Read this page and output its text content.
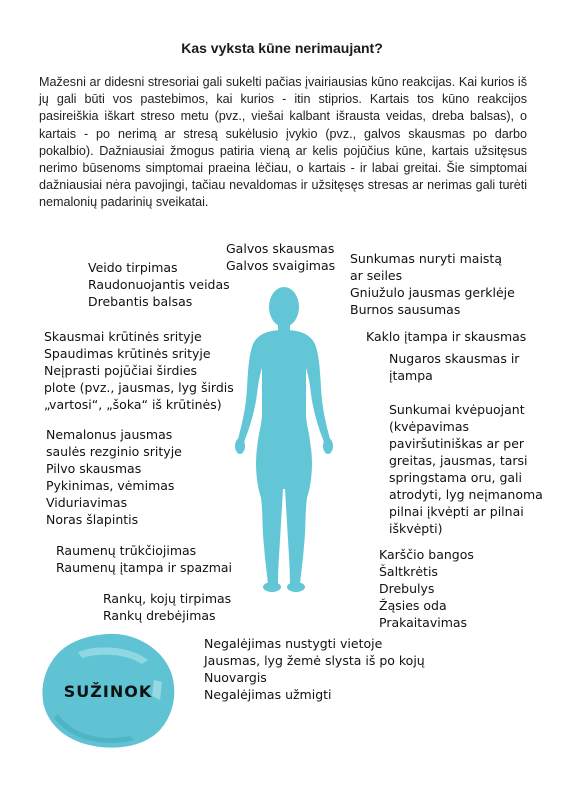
Kas vyksta kūne nerimaujant?
Mažesni ar didesni stresoriai gali sukelti pačias įvairiausias kūno reakcijas. Kai kurios iš jų gali būti vos pastebimos, kai kurios - itin stiprios. Kartais tos kūno reakcijos pasireiškia iškart streso metu (pvz., viešai kalbant išrausta veidas, dreba balsas), o kartais - po nerimą ar stresą sukėlusio įvykio (pvz., galvos skausmas po darbo pokalbio). Dažniausiai žmogus patiria vieną ar kelis pojūčius kūne, kartais užsitęsus nerimo būsenoms simptomai praeina lėčiau, o kartais - ir labai greitai. Šie simptomai dažniausiai nėra pavojingi, tačiau nevaldomas ir užsitęsęs stresas ar nerimas gali turėti nemalonių padarinių sveikatai.
Galvos skausmas
Galvos svaigimas
Veido tirpimas
Raudonuojantis veidas
Drebantis balsas
Sunkumas nuryti maistą
ar seiles
Gniužulo jausmas gerklėje
Burnos sausumas
Skausmai krūtinės srityje
Spaudimas krūtinės srityje
Neįprasti pojūčiai širdies
plote (pvz., jausmas, lyg širdis
„vartosi“, „šoka“ iš krūtinės)
Kaklo įtampa ir skausmas
Nugaros skausmas ir
įtampa
Nemalonus jausmas
saulės rezginio srityje
Pilvo skausmas
Pykinimas, vėmimas
Viduriavimas
Noras šlapintis
Sunkumai kvėpuojant
(kvėpavimas
paviršutiniškas ar per
greitas, jausmas, tarsi
springstama oru, gali
atrodyti, lyg neįmanoma
pilnai įkvėpti ar pilnai
iškvėpti)
Raumenų trūkčiojimas
Raumenų įtampa ir spazmai
Karščio bangos
Šaltkrėtis
Drebulys
Žąsies oda
Prakaitavimas
Rankų, kojų tirpimas
Rankų drebėjimas
Negalėjimas nustygti vietoje
Jausmas, lyg žemė slysta iš po kojų
Nuovargis
Negalėjimas užmigti
SUŽINOK
